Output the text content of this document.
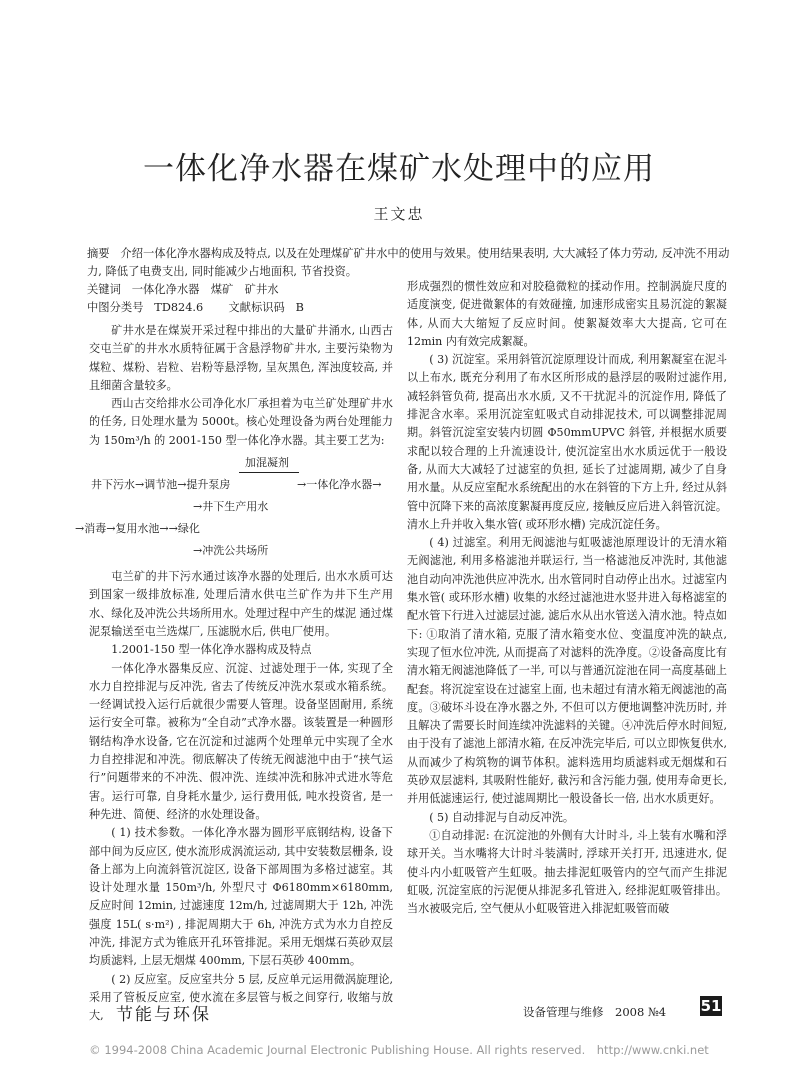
一体化净水器在煤矿水处理中的应用
王文忠

摘要 介绍一体化净水器构成及特点, 以及在处理煤矿矿井水中的使用与效果。使用结果表明, 大大减轻了体力劳动, 反冲洗不用动力, 降低了电费支出, 同时能减少占地面积, 节省投资。

关键词 一体化净水器　煤矿　矿井水

中图分类号 TD824.6 文献标识码 B

矿井水是在煤炭开采过程中排出的大量矿井涌水, 山西古交屯兰矿的井水水质特征属于含悬浮物矿井水, 主要污染物为煤粒、煤粉、岩粒、岩粉等悬浮物, 呈灰黑色, 浑浊度较高, 并且细菌含量较多。

西山古交给排水公司净化水厂承担着为屯兰矿处理矿井水的任务, 日处理水量为 5000t。核心处理设备为两台处理能力为 150m³/h 的 2001-150 型一体化净水器。其主要工艺为:

井下污水→调节池→提升泵房
加混凝剂
→一体化净水器→
→井下生产用水
→消毒→复用水池→→绿化
→冲洗公共场所

屯兰矿的井下污水通过该净水器的处理后, 出水水质可达到国家一级排放标准, 处理后清水供屯兰矿作为井下生产用水、绿化及冲洗公共场所用水。处理过程中产生的煤泥 通过煤泥泵输送至屯兰选煤厂, 压滤脱水后, 供电厂使用。

1.2001-150 型一体化净水器构成及特点

一体化净水器集反应、沉淀、过滤处理于一体, 实现了全水力自控排泥与反冲洗, 省去了传统反冲洗水泵或水箱系统。一经调试投入运行后就很少需要人管理。设备坚固耐用, 系统运行安全可靠。被称为“全自动”式净水器。该装置是一种圆形钢结构净水设备, 它在沉淀和过滤两个处理单元中实现了全水力自控排泥和冲洗。彻底解决了传统无阀滤池中由于“挟气运行”问题带来的不冲洗、假冲洗、连续冲洗和脉冲式进水等危害。运行可靠, 自身耗水量少, 运行费用低, 吨水投资省, 是一种先进、简便、经济的水处理设备。

( 1) 技术参数。一体化净水器为圆形平底钢结构, 设备下部中间为反应区, 使水流形成涡流运动, 其中安装数层栅条, 设备上部为上向流斜管沉淀区, 设备下部周围为多格过滤室。其设计处理水量 150m³/h, 外型尺寸 Φ6180mm×6180mm, 反应时间 12min, 过滤速度 12m/h, 过滤周期大于 12h, 冲洗强度 15L( s·m²) , 排泥周期大于 6h, 冲洗方式为水力自控反冲洗, 排泥方式为锥底开孔环管排泥。采用无烟煤石英砂双层均质滤料, 上层无烟煤 400mm, 下层石英砂 400mm。

( 2) 反应室。反应室共分 5 层, 反应单元运用微涡旋理论, 采用了管板反应室, 使水流在多层管与板之间穿行, 收缩与放大,

形成强烈的惯性效应和对胶稳微粒的揉动作用。控制涡旋尺度的适度演变, 促进微絮体的有效碰撞, 加速形成密实且易沉淀的絮凝体, 从而大大缩短了反应时间。使絮凝效率大大提高, 它可在 12min 内有效完成絮凝。

( 3) 沉淀室。采用斜管沉淀原理设计而成, 利用絮凝室在泥斗以上布水, 既充分利用了布水区所形成的悬浮层的吸附过滤作用, 减轻斜管负荷, 提高出水水质, 又不干扰泥斗的沉淀作用, 降低了排泥含水率。采用沉淀室虹吸式自动排泥技术, 可以调整排泥周期。斜管沉淀室安装内切圆 Φ50mmUPVC 斜管, 并根据水质要求配以较合理的上升流速设计, 使沉淀室出水水质远优于一般设备, 从而大大减轻了过滤室的负担, 延长了过滤周期, 减少了自身用水量。从反应室配水系统配出的水在斜管的下方上升, 经过从斜管中沉降下来的高浓度絮凝再度反应, 接触反应后进入斜管沉淀。清水上升并收入集水管( 或环形水槽) 完成沉淀任务。

( 4) 过滤室。利用无阀滤池与虹吸滤池原理设计的无清水箱无阀滤池, 利用多格滤池并联运行, 当一格滤池反冲洗时, 其他滤池自动向冲洗池供应冲洗水, 出水管同时自动停止出水。过滤室内集水管( 或环形水槽) 收集的水经过滤池进水竖井进入每格滤室的配水管下行进入过滤层过滤, 滤后水从出水管送入清水池。特点如下: ①取消了清水箱, 克服了清水箱变水位、变温度冲洗的缺点, 实现了恒水位冲洗, 从而提高了对滤料的洗净度。②设备高度比有清水箱无阀滤池降低了一半, 可以与普通沉淀池在同一高度基础上配套。将沉淀室设在过滤室上面, 也未超过有清水箱无阀滤池的高度。③破坏斗设在净水器之外, 不但可以方便地调整冲洗历时, 并且解决了需要长时间连续冲洗滤料的关键。④冲洗后停水时间短, 由于没有了滤池上部清水箱, 在反冲洗完毕后, 可以立即恢复供水, 从而减少了构筑物的调节体积。滤料选用均质滤料或无烟煤和石英砂双层滤料, 其吸附性能好, 截污和含污能力强, 使用寿命更长, 并用低滤速运行, 使过滤周期比一般设备长一倍, 出水水质更好。

( 5) 自动排泥与自动反冲洗。

①自动排泥: 在沉淀池的外侧有大计时斗, 斗上装有水嘴和浮球开关。当水嘴将大计时斗装满时, 浮球开关打开, 迅速进水, 促使斗内小虹吸管产生虹吸。抽去排泥虹吸管内的空气而产生排泥虹吸, 沉淀室底的污泥便从排泥多孔管进入, 经排泥虹吸管排出。当水被吸完后, 空气便从小虹吸管进入排泥虹吸管而破

节能与环保	设备管理与维修　2008 №4 51
© 1994-2008 China Academic Journal Electronic Publishing House. All rights reserved.　http://www.cnki.net
